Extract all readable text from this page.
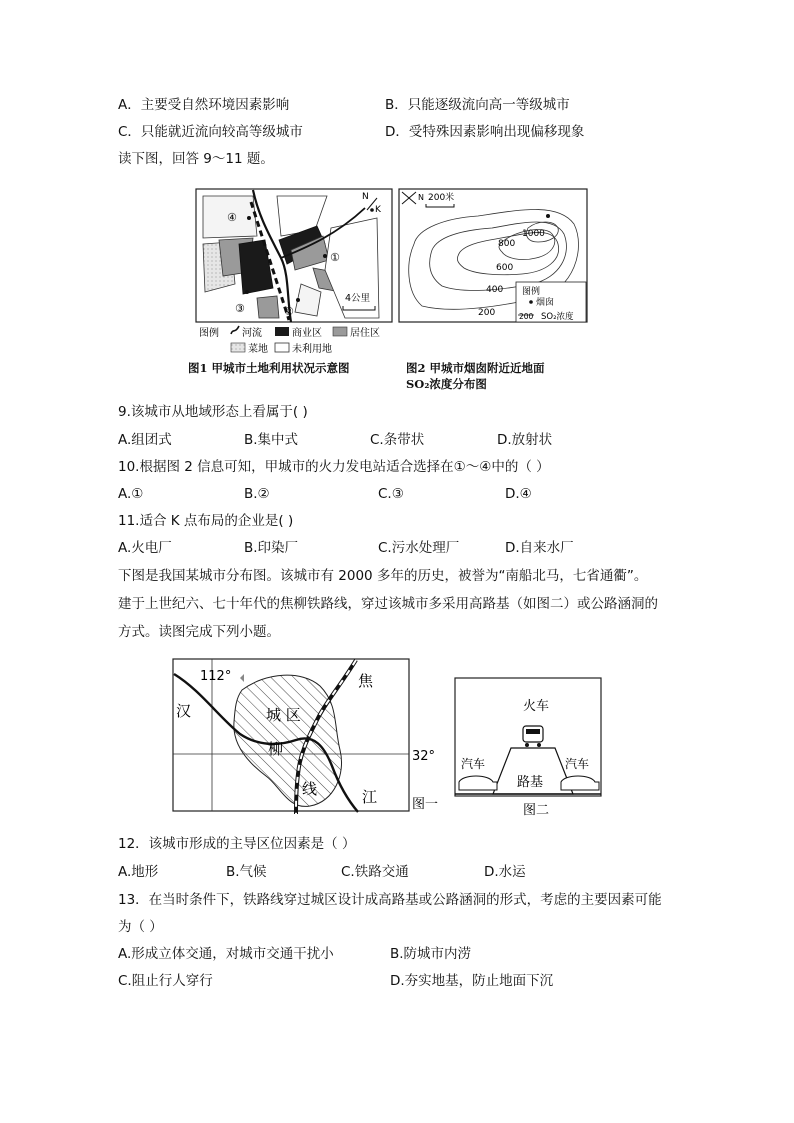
A．主要受自然环境因素影响	B．只能逐级流向高一等级城市
C．只能就近流向较高等级城市	D．受特殊因素影响出现偏移现象
读下图，回答 9～11 题。
①
②
③
④
N
K
4公里
图例 河流	商业区	居住区
菜地 未利用地
1000
800
600
400
200
N 200米
图例
烟囱
200 SO₂浓度
图1 甲城市土地利用状况示意图	图2 甲城市烟囱附近近地面
SO₂浓度分布图
9.该城市从地域形态上看属于( )
A.组团式	B.集中式	C.条带状	D.放射状
10.根据图 2 信息可知，甲城市的火力发电站适合选择在①～④中的（ ）
A.①	B.②	C.③	D.④
11.适合 K 点布局的企业是( )
A.火电厂	B.印染厂	C.污水处理厂	D.自来水厂
下图是我国某城市分布图。该城市有 2000 多年的历史，被誉为“南船北马，七省通衢”。
建于上世纪六、七十年代的焦柳铁路线，穿过该城市多采用高路基（如图二）或公路涵洞的
方式。读图完成下列小题。
112°
32°
焦
汉	城 区
柳
线	江	图一
火车
路基
汽车	汽车
图二
12．该城市形成的主导区位因素是（ ）
A.地形	B.气候	C.铁路交通	D.水运
13．在当时条件下，铁路线穿过城区设计成高路基或公路涵洞的形式，考虑的主要因素可能
为（ ）
A.形成立体交通，对城市交通干扰小	B.防城市内涝
C.阻止行人穿行	D.夯实地基，防止地面下沉
